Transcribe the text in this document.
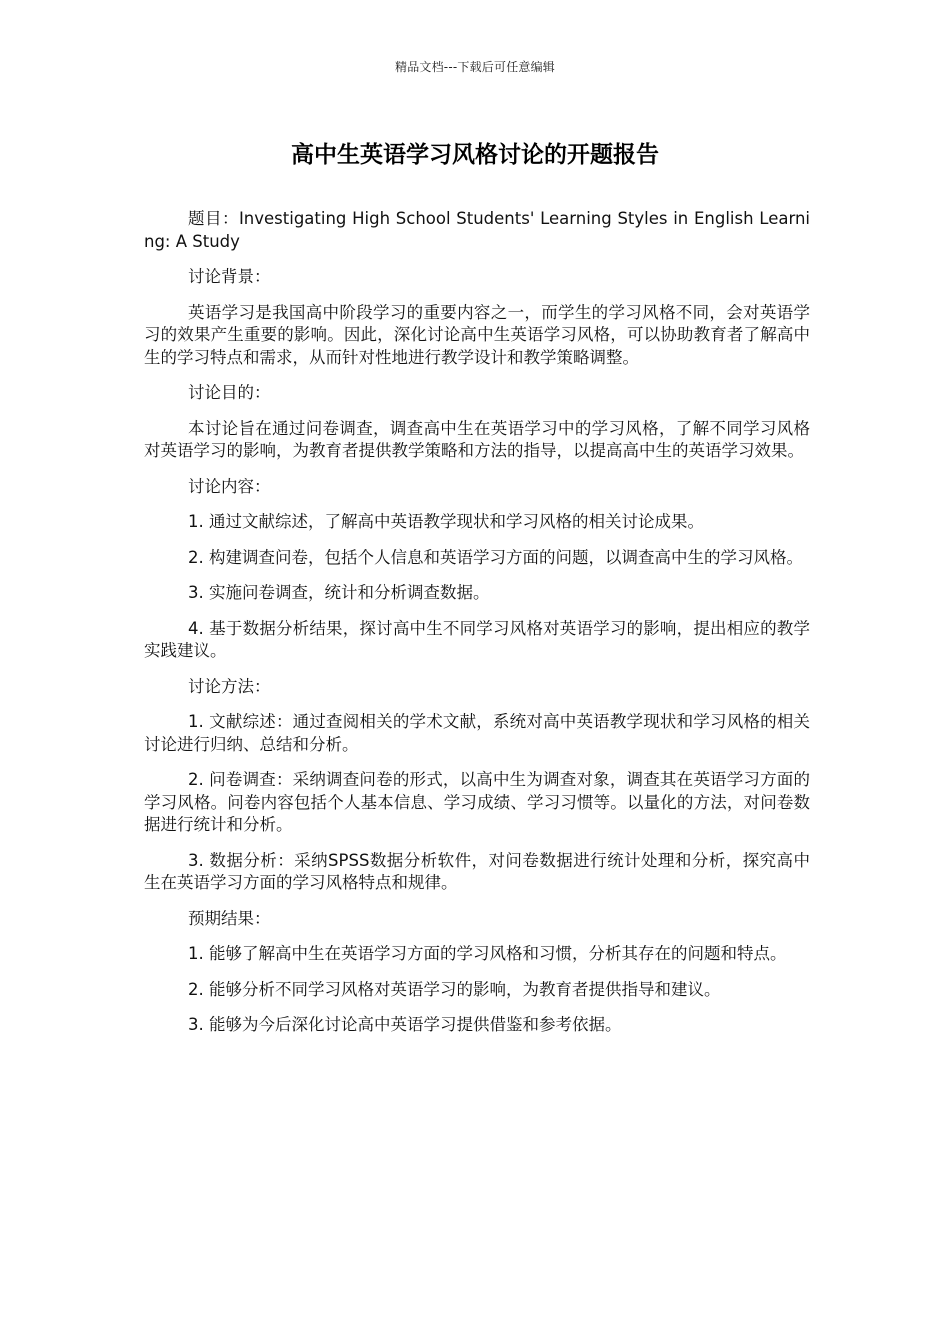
精品文档---下载后可任意编辑
高中生英语学习风格讨论的开题报告

题目：Investigating High School Students' Learning Styles in English Learning: A Study

讨论背景：

英语学习是我国高中阶段学习的重要内容之一，而学生的学习风格不同，会对英语学习的效果产生重要的影响。因此，深化讨论高中生英语学习风格，可以协助教育者了解高中生的学习特点和需求，从而针对性地进行教学设计和教学策略调整。

讨论目的：

本讨论旨在通过问卷调查，调查高中生在英语学习中的学习风格，了解不同学习风格对英语学习的影响，为教育者提供教学策略和方法的指导，以提高高中生的英语学习效果。

讨论内容：

1. 通过文献综述，了解高中英语教学现状和学习风格的相关讨论成果。

2. 构建调查问卷，包括个人信息和英语学习方面的问题，以调查高中生的学习风格。

3. 实施问卷调查，统计和分析调查数据。

4. 基于数据分析结果，探讨高中生不同学习风格对英语学习的影响，提出相应的教学实践建议。

讨论方法：

1. 文献综述：通过查阅相关的学术文献，系统对高中英语教学现状和学习风格的相关讨论进行归纳、总结和分析。

2. 问卷调查：采纳调查问卷的形式，以高中生为调查对象，调查其在英语学习方面的学习风格。问卷内容包括个人基本信息、学习成绩、学习习惯等。以量化的方法，对问卷数据进行统计和分析。

3. 数据分析：采纳SPSS数据分析软件，对问卷数据进行统计处理和分析，探究高中生在英语学习方面的学习风格特点和规律。

预期结果：

1. 能够了解高中生在英语学习方面的学习风格和习惯，分析其存在的问题和特点。

2. 能够分析不同学习风格对英语学习的影响，为教育者提供指导和建议。

3. 能够为今后深化讨论高中英语学习提供借鉴和参考依据。
